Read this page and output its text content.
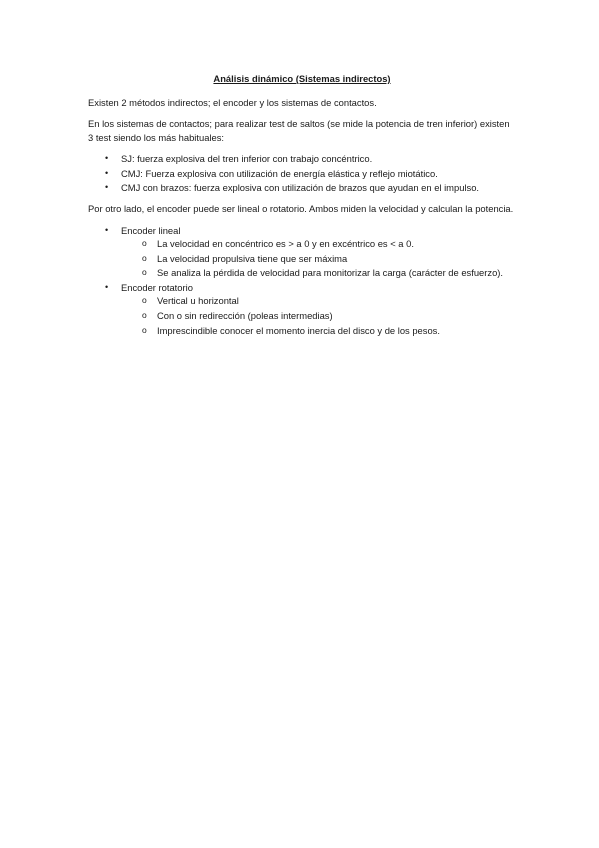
Análisis dinámico (Sistemas indirectos)

Existen 2 métodos indirectos; el encoder y los sistemas de contactos.

En los sistemas de contactos; para realizar test de saltos (se mide la potencia de tren inferior) existen 3 test siendo los más habituales:

• SJ: fuerza explosiva del tren inferior con trabajo concéntrico.
• CMJ: Fuerza explosiva con utilización de energía elástica y reflejo miotático.
• CMJ con brazos: fuerza explosiva con utilización de brazos que ayudan en el impulso.

Por otro lado, el encoder puede ser lineal o rotatorio. Ambos miden la velocidad y calculan la potencia.

• Encoder lineal
o La velocidad en concéntrico es > a 0 y en excéntrico es < a 0.
o La velocidad propulsiva tiene que ser máxima
o Se analiza la pérdida de velocidad para monitorizar la carga (carácter de esfuerzo).
• Encoder rotatorio
o Vertical u horizontal
o Con o sin redirección (poleas intermedias)
o Imprescindible conocer el momento inercia del disco y de los pesos.
